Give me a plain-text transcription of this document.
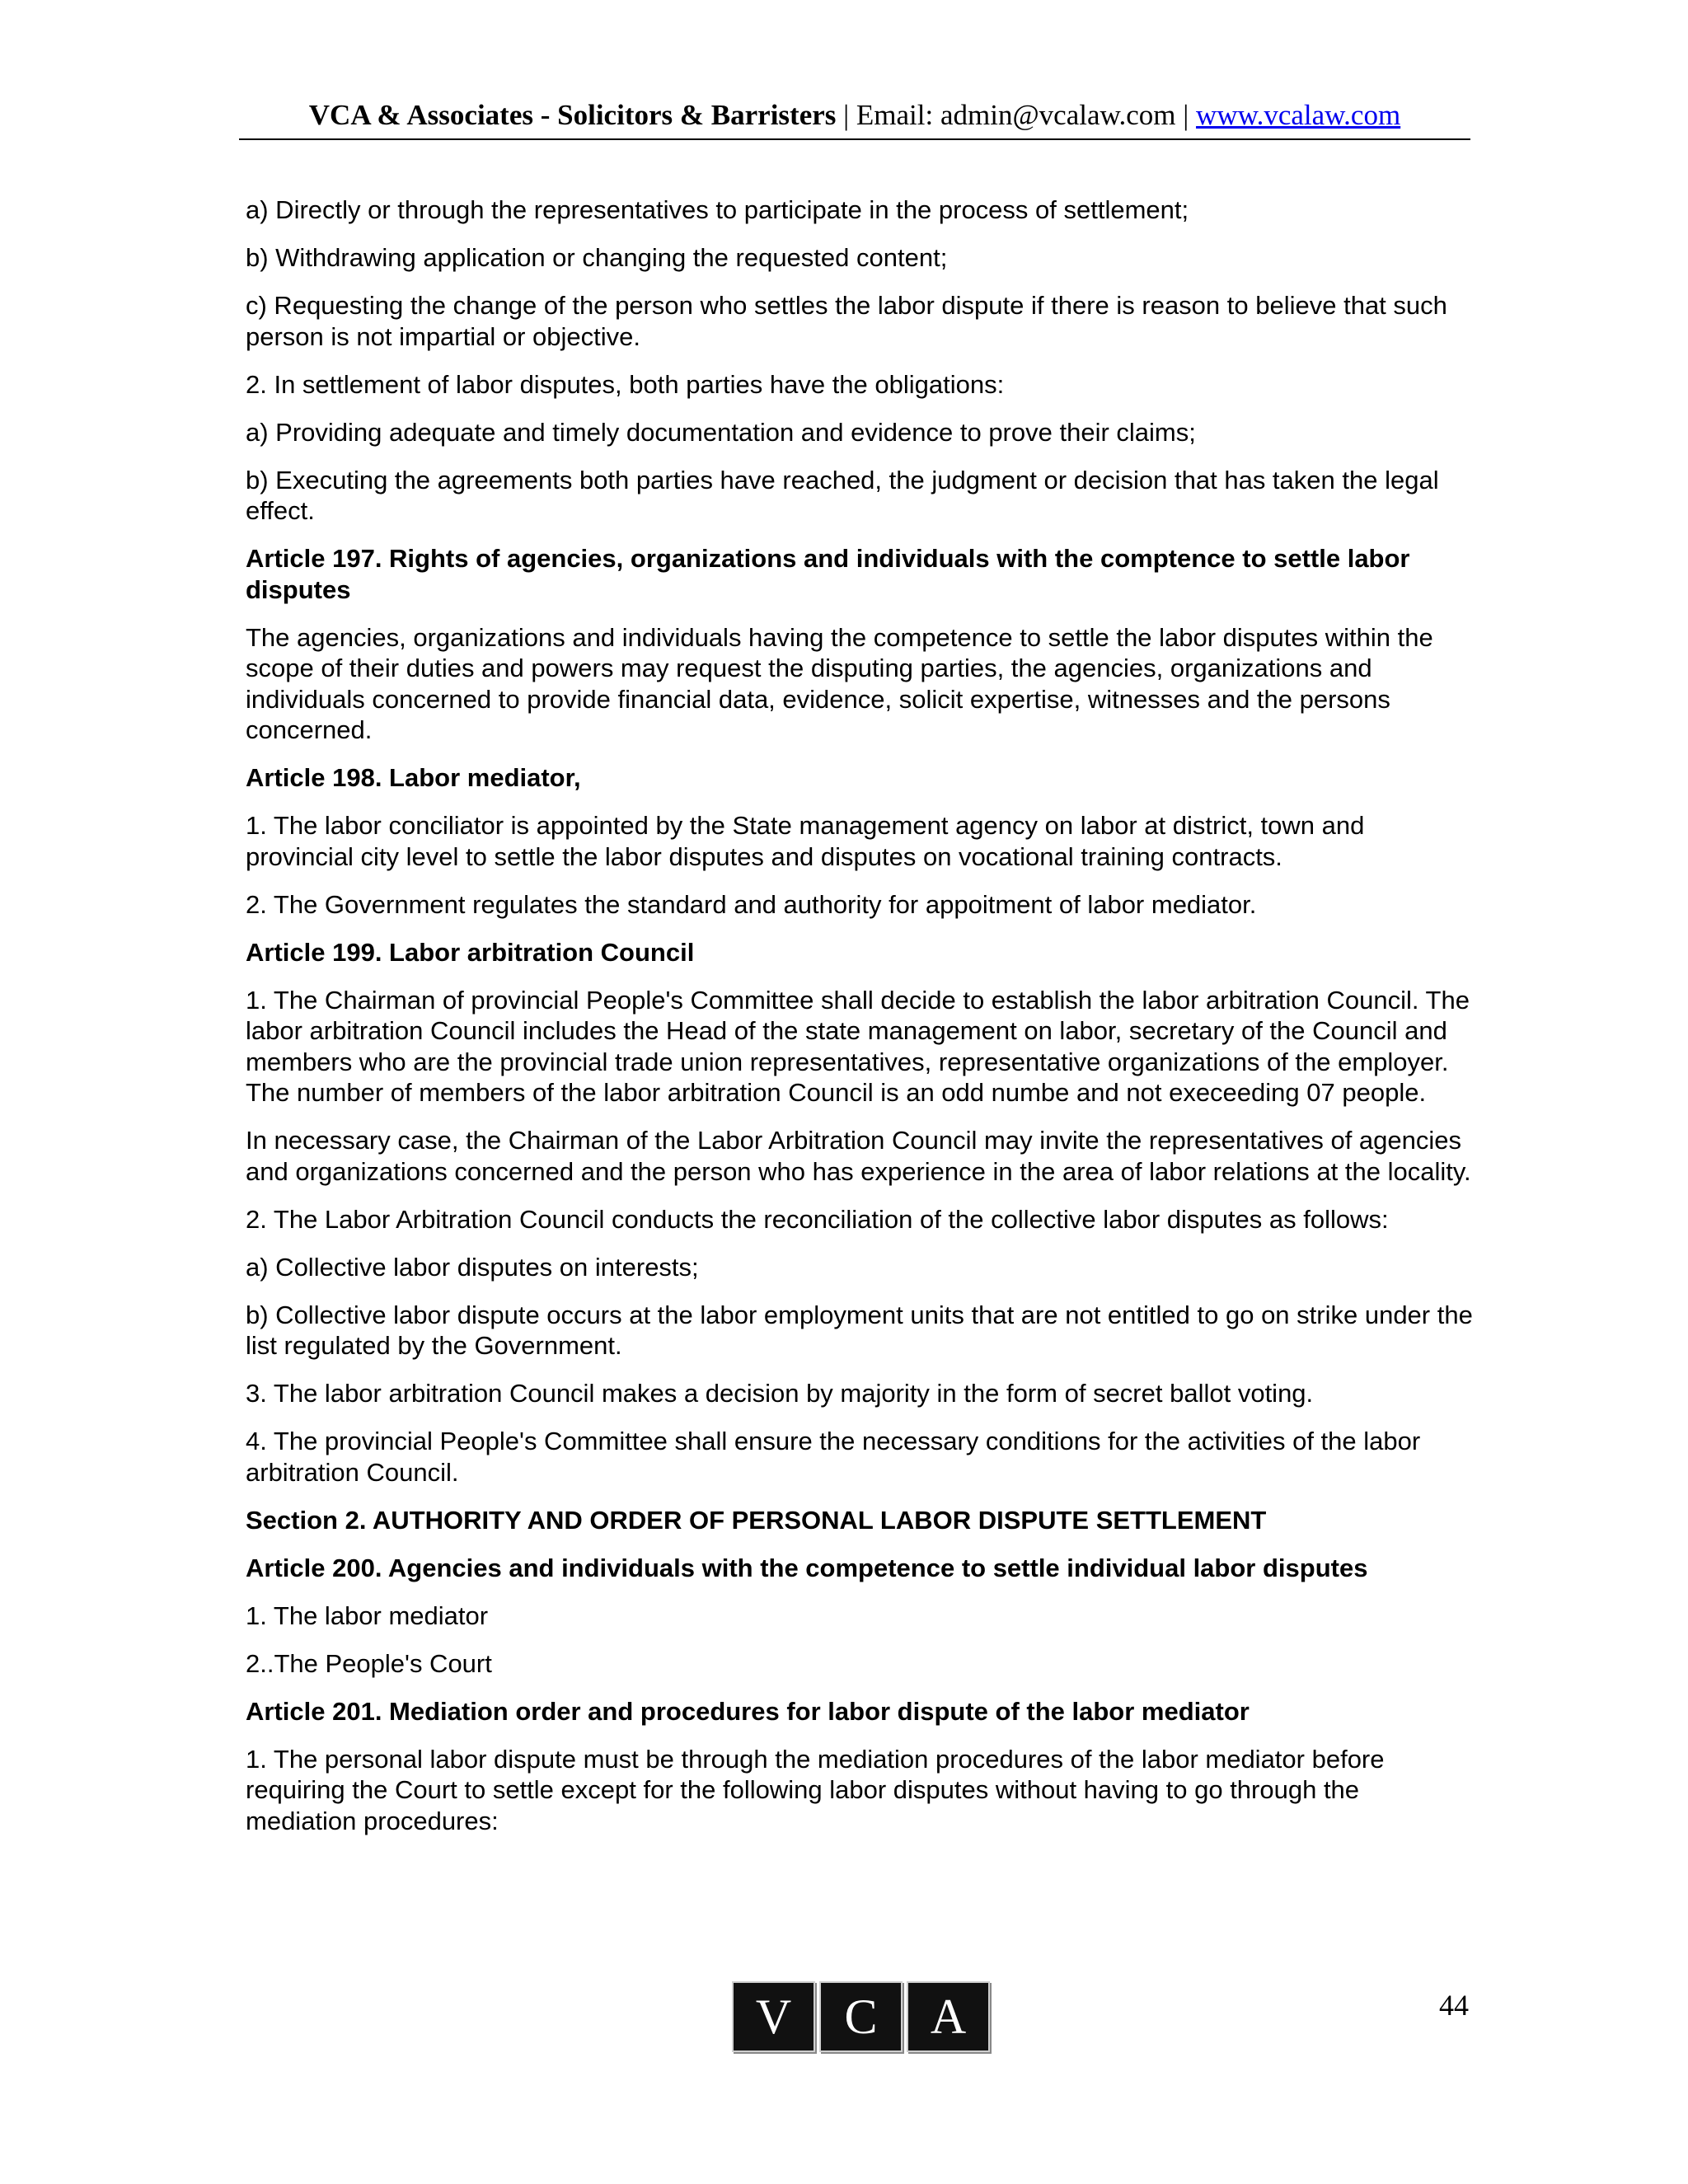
VCA & Associates - Solicitors & Barristers | Email: admin@vcalaw.com | www.vcalaw.com

a) Directly or through the representatives to participate in the process of settlement;

b) Withdrawing application or changing the requested content;

c) Requesting the change of the person who settles the labor dispute if there is reason to believe that such person is not impartial or objective.

2. In settlement of labor disputes, both parties have the obligations:

a) Providing adequate and timely documentation and evidence to prove their claims;

b) Executing the agreements both parties have reached, the judgment or decision that has taken the legal effect.

Article 197. Rights of agencies, organizations and individuals with the comptence to settle labor disputes

The agencies, organizations and individuals having the competence to settle the labor disputes within the scope of their duties and powers may request the disputing parties, the agencies, organizations and individuals concerned to provide financial data, evidence, solicit expertise, witnesses and the persons concerned.

Article 198. Labor mediator,

1. The labor conciliator is appointed by the State management agency on labor at district, town and provincial city level to settle the labor disputes and disputes on vocational training contracts.

2. The Government regulates the standard and authority for appoitment of labor mediator.

Article 199. Labor arbitration Council

1. The Chairman of provincial People's Committee shall decide to establish the labor arbitration Council. The labor arbitration Council includes the Head of the state management on labor, secretary of the Council and members who are the provincial trade union representatives, representative organizations of the employer. The number of members of the labor arbitration Council is an odd numbe and not execeeding 07 people.

In necessary case, the Chairman of the Labor Arbitration Council may invite the representatives of agencies and organizations concerned and the person who has experience in the area of labor relations at the locality.

2. The Labor Arbitration Council conducts the reconciliation of the collective labor disputes as follows:

a) Collective labor disputes on interests;

b) Collective labor dispute occurs at the labor employment units that are not entitled to go on strike under the list regulated by the Government.

3. The labor arbitration Council makes a decision by majority in the form of secret ballot voting.

4. The provincial People's Committee shall ensure the necessary conditions for the activities of the labor arbitration Council.

Section 2. AUTHORITY AND ORDER OF PERSONAL LABOR DISPUTE SETTLEMENT

Article 200. Agencies and individuals with the competence to settle individual labor disputes

1. The labor mediator

2..The People's Court

Article 201. Mediation order and procedures for labor dispute of the labor mediator

1. The personal labor dispute must be through the mediation procedures of the labor mediator before requiring the Court to settle except for the following labor disputes without having to go through the mediation procedures:

V	C	A	44
